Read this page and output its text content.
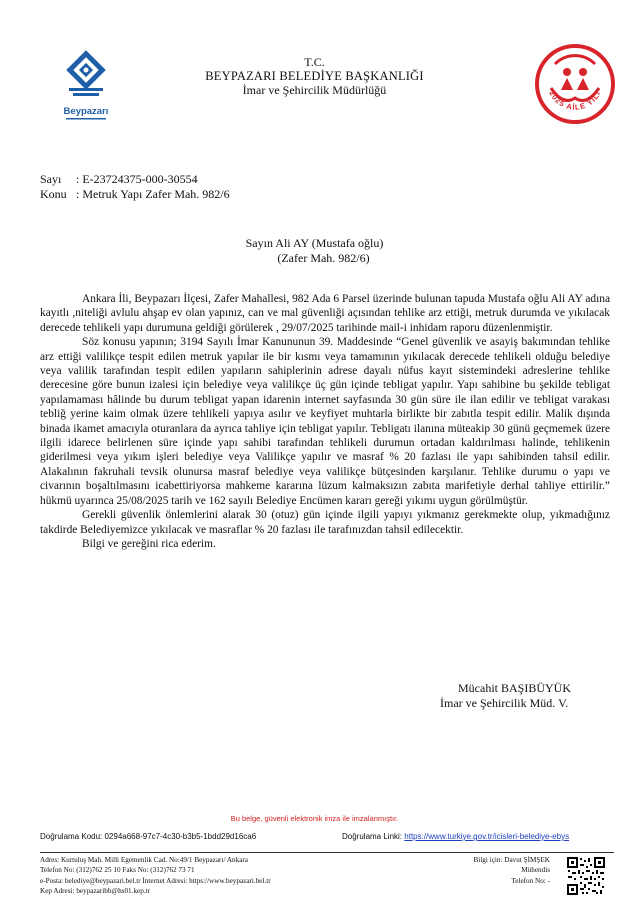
Beypazarı
T.C.
BEYPAZARI BELEDİYE BAŞKANLIĞI
İmar ve Şehircilik Müdürlüğü	2025 AİLE YILI
Sayı	: E-23724375-000-30554
Konu : Metruk Yapı Zafer Mah. 982/6
Sayın Ali AY (Mustafa oğlu)
(Zafer Mah. 982/6)

Ankara İli, Beypazarı İlçesi, Zafer Mahallesi, 982 Ada 6 Parsel üzerinde bulunan tapuda Mustafa oğlu Ali AY adına kayıtlı ,niteliği avlulu ahşap ev olan yapınız, can ve mal güvenliği açısından tehlike arz ettiği, metruk durumda ve yıkılacak derecede tehlikeli yapı durumuna geldiği görülerek , 29/07/2025 tarihinde mail-i inhidam raporu düzenlenmiştir.

Söz konusu yapının; 3194 Sayılı İmar Kanununun 39. Maddesinde “Genel güvenlik ve asayiş bakımından tehlike arz ettiği valilikçe tespit edilen metruk yapılar ile bir kısmı veya tamamının yıkılacak derecede tehlikeli olduğu belediye veya valilik tarafından tespit edilen yapıların sahiplerinin adrese dayalı nüfus kayıt sistemindeki adreslerine tehlike derecesine göre bunun izalesi için belediye veya valilikçe üç gün içinde tebligat yapılır. Yapı sahibine bu şekilde tebligat yapılamaması hâlinde bu durum tebligat yapan idarenin internet sayfasında 30 gün süre ile ilan edilir ve tebligat varakası tebliğ yerine kaim olmak üzere tehlikeli yapıya asılır ve keyfiyet muhtarla birlikte bir zabıtla tespit edilir. Malik dışında binada ikamet amacıyla oturanlara da ayrıca tahliye için tebligat yapılır. Tebligatı ilanına müteakip 30 günü geçmemek üzere ilgili idarece belirlenen süre içinde yapı sahibi tarafından tehlikeli durumun ortadan kaldırılması halinde, tehlikenin giderilmesi veya yıkım işleri belediye veya Valilikçe yapılır ve masraf % 20 fazlası ile yapı sahibinden tahsil edilir. Alakalının fakruhali tevsik olunursa masraf belediye veya valilikçe bütçesinden karşılanır. Tehlike durumu o yapı ve civarının boşaltılmasını icabettiriyorsa mahkeme kararına lüzum kalmaksızın zabıta marifetiyle derhal tahliye ettirilir.” hükmü uyarınca 25/08/2025 tarih ve 162 sayılı Belediye Encümen kararı gereği yıkımı uygun görülmüştür.

Gerekli güvenlik önlemlerini alarak 30 (otuz) gün içinde ilgili yapıyı yıkmanız gerekmekte olup, yıkmadığınız takdirde Belediyemizce yıkılacak ve masraflar % 20 fazlası ile tarafınızdan tahsil edilecektir.

Bilgi ve gereğini rica ederim.

Mücahit BAŞIBÜYÜK
İmar ve Şehircilik Müd. V.
Bu belge, güvenli elektronik imza ile imzalanmıştır.
Doğrulama Kodu: 0294a668-97c7-4c30-b3b5-1bdd29d16ca6	Doğrulama Linki: https://www.turkiye.gov.tr/icisleri-belediye-ebys
Adres: Kurtuluş Mah. Milli Egemenlik Cad. No:49/1 Beypazarı/ Ankara
Telefon No: (312)762 25 10 Faks No: (312)762 73 71
e-Posta: belediye@beypazari.bel.tr İnternet Adresi: https://www.beypazari.bel.tr
Kep Adresi: beypazaribb@hs01.kep.tr
Bilgi için: Davut ŞİMŞEK
Mühendis
Telefon No: -
